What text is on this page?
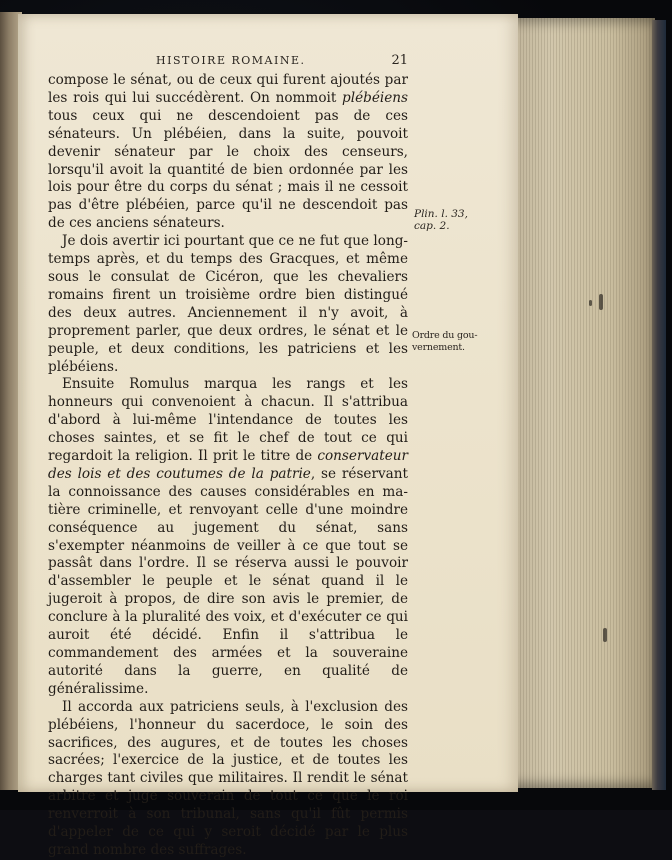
HISTOIRE ROMAINE.	21

compose le sénat, ou de ceux qui furent ajoutés par les rois qui lui succédèrent. On nommoit plébéiens tous ceux qui ne descendoient pas de ces sénateurs. Un plébéien, dans la suite, pouvoit devenir sénateur par le choix des censeurs, lorsqu'il avoit la quantité de bien ordonnée par les lois pour être du corps du sénat ; mais il ne cessoit pas d'être plébéien, parce qu'il ne descendoit pas de ces anciens sénateurs.

Je dois avertir ici pourtant que ce ne fut que longtemps après, et du temps des Gracques, et même sous le consulat de Cicéron, que les chevaliers romains firent un troisième ordre bien distingué des deux autres. Anciennement il n'y avoit, à proprement parler, que deux ordres, le sénat et le peuple, et deux conditions, les patriciens et les plébéiens.

Ensuite Romulus marqua les rangs et les honneurs qui convenoient à chacun. Il s'attribua d'abord à lui-même l'intendance de toutes les choses saintes, et se fit le chef de tout ce qui regardoit la religion. Il prit le titre de conservateur des lois et des coutumes de la patrie, se réservant la connoissance des causes considérables en matière criminelle, et renvoyant celle d'une moindre conséquence au jugement du sénat, sans s'exempter néanmoins de veiller à ce que tout se passât dans l'ordre. Il se réserva aussi le pouvoir d'assembler le peuple et le sénat quand il le jugeroit à propos, de dire son avis le premier, de conclure à la pluralité des voix, et d'exécuter ce qui auroit été décidé. Enfin il s'attribua le commandement des armées et la souveraine autorité dans la guerre, en qualité de généralissime.

Il accorda aux patriciens seuls, à l'exclusion des plébéiens, l'honneur du sacerdoce, le soin des sacrifices, des augures, et de toutes les choses sacrées; l'exercice de la justice, et de toutes les charges tant civiles que militaires. Il rendit le sénat arbitre et juge souverain de tout ce que le roi renverroit à son tribunal, sans qu'il fût permis d'appeler de ce qui y seroit décidé par le plus grand nombre des suffrages.

Plin. l. 33,
cap. 2.
Ordre du gou-
vernement.
